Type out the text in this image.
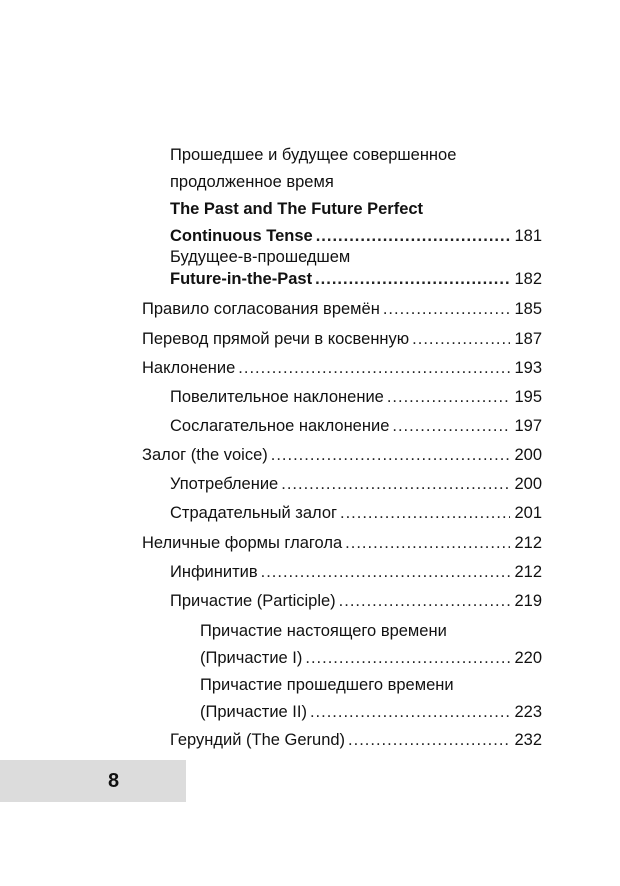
Прошедшее и будущее совершенное
продолженное время
The Past and The Future Perfect
Continuous Tense .....	181
Будущее-в-прошедшем
Future-in-the-Past .....	182
Правило согласования времён .....	185
Перевод прямой речи в косвенную .....	187
Наклонение .....	193
Повелительное наклонение .....	195
Сослагательное наклонение .....	197
Залог (the voice) .....	200
Употребление .....	200
Страдательный залог .....	201
Неличные формы глагола .....	212
Инфинитив .....	212
Причастие (Participle) .....	219
Причастие настоящего времени
(Причастие I) .....	220
Причастие прошедшего времени
(Причастие II) .....	223
Герундий (The Gerund) .....	232
8
